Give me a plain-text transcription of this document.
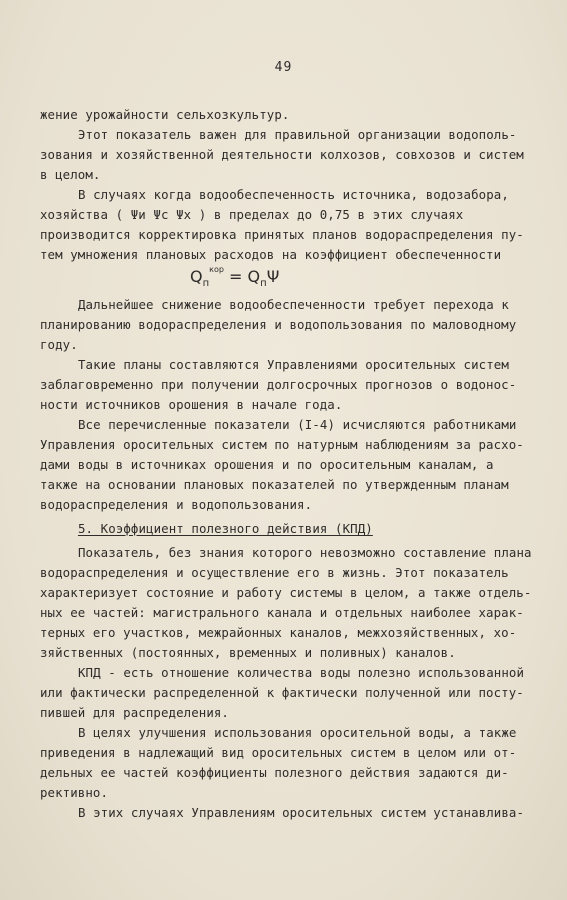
49
жение урожайности сельхозкультур.
Этот показатель важен для правильной организации водополь-
зования и хозяйственной деятельности колхозов, совхозов и систем
в целом.
В случаях когда водообеспеченность источника, водозабора,
хозяйства ( Ψи Ψс Ψх ) в пределах до 0,75 в этих случаях
производится корректировка принятых планов водораспределения пу-
тем умножения плановых расходов на коэффициент обеспеченности
$Q_п^{кор} = Q_п\Psi$
Дальнейшее снижение водообеспеченности требует перехода к
планированию водораспределения и водопользования по маловодному
году.
Такие планы составляются Управлениями оросительных систем
заблаговременно при получении долгосрочных прогнозов о водонос-
ности источников орошения в начале года.
Все перечисленные показатели (I-4) исчисляются работниками
Управления оросительных систем по натурным наблюдениям за расхо-
дами воды в источниках орошения и по оросительным каналам, а
также на основании плановых показателей по утвержденным планам
водораспределения и водопользования.
5. Коэффициент полезного действия (КПД)
Показатель, без знания которого невозможно составление плана
водораспределения и осуществление его в жизнь. Этот показатель
характеризует состояние и работу системы в целом, а также отдель-
ных ее частей: магистрального канала и отдельных наиболее харак-
терных его участков, межрайонных каналов, межхозяйственных, хо-
зяйственных (постоянных, временных и поливных) каналов.
КПД - есть отношение количества воды полезно использованной
или фактически распределенной к фактически полученной или посту-
пившей для распределения.
В целях улучшения использования оросительной воды, а также
приведения в надлежащий вид оросительных систем в целом или от-
дельных ее частей коэффициенты полезного действия задаются ди-
рективно.
В этих случаях Управлениям оросительных систем устанавлива-
